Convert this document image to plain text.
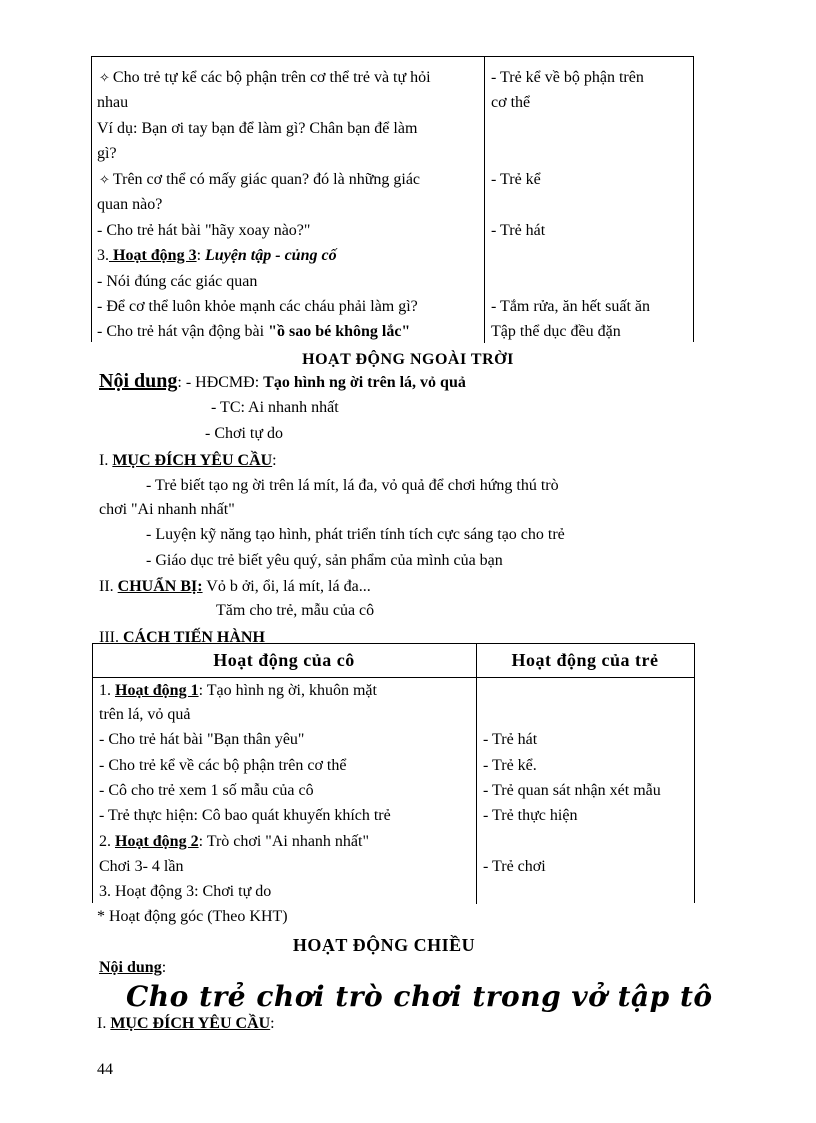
✧ Cho trẻ tự kể các bộ phận trên cơ thể trẻ và tự hỏi
nhau
Ví dụ: Bạn ơi tay bạn để làm gì? Chân bạn để làm
gì?
✧ Trên cơ thể có mấy giác quan? đó là những giác
quan nào?
- Cho trẻ hát bài "hãy xoay nào?"
3. Hoạt động 3: Luyện tập - củng cố
- Nói đúng các giác quan
- Để cơ thể luôn khỏe mạnh các cháu phải làm gì?
- Cho trẻ hát vận động bài "ồ sao bé không lắc"
- Trẻ kể về bộ phận trên
cơ thể
- Trẻ kể
- Trẻ hát
- Tắm rửa, ăn hết suất ăn
Tập thể dục đều đặn
HOẠT ĐỘNG NGOÀI TRỜI
Nội dung: - HĐCMĐ: Tạo hình ng ời trên lá, vỏ quả
- TC: Ai nhanh nhất
- Chơi tự do
I. MỤC ĐÍCH YÊU CẦU:
- Trẻ biết tạo ng ời trên lá mít, lá đa, vỏ quả để chơi hứng thú trò
chơi "Ai nhanh nhất"
- Luyện kỹ năng tạo hình, phát triển tính tích cực sáng tạo cho trẻ
- Giáo dục trẻ biết yêu quý, sản phẩm của mình của bạn
II. CHUẨN BỊ: Vỏ b ởi, ổi, lá mít, lá đa...
Tăm cho trẻ, mẫu của cô
III. CÁCH TIẾN HÀNH
Hoạt động của cô	Hoạt động của trẻ
1. Hoạt động 1: Tạo hình ng ời, khuôn mặt
trên lá, vỏ quả
- Cho trẻ hát bài "Bạn thân yêu"
- Cho trẻ kể về các bộ phận trên cơ thể
- Cô cho trẻ xem 1 số mẫu của cô
- Trẻ thực hiện: Cô bao quát khuyến khích trẻ
2. Hoạt động 2: Trò chơi "Ai nhanh nhất"
Chơi 3- 4 lần
3. Hoạt động 3: Chơi tự do
- Trẻ hát
- Trẻ kể.
- Trẻ quan sát nhận xét mẫu
- Trẻ thực hiện
- Trẻ chơi
* Hoạt động góc (Theo KHT)
HOẠT ĐỘNG CHIỀU
Nội dung:
Cho trẻ chơi trò chơi trong vở tập tô
I. MỤC ĐÍCH YÊU CẦU:
44
